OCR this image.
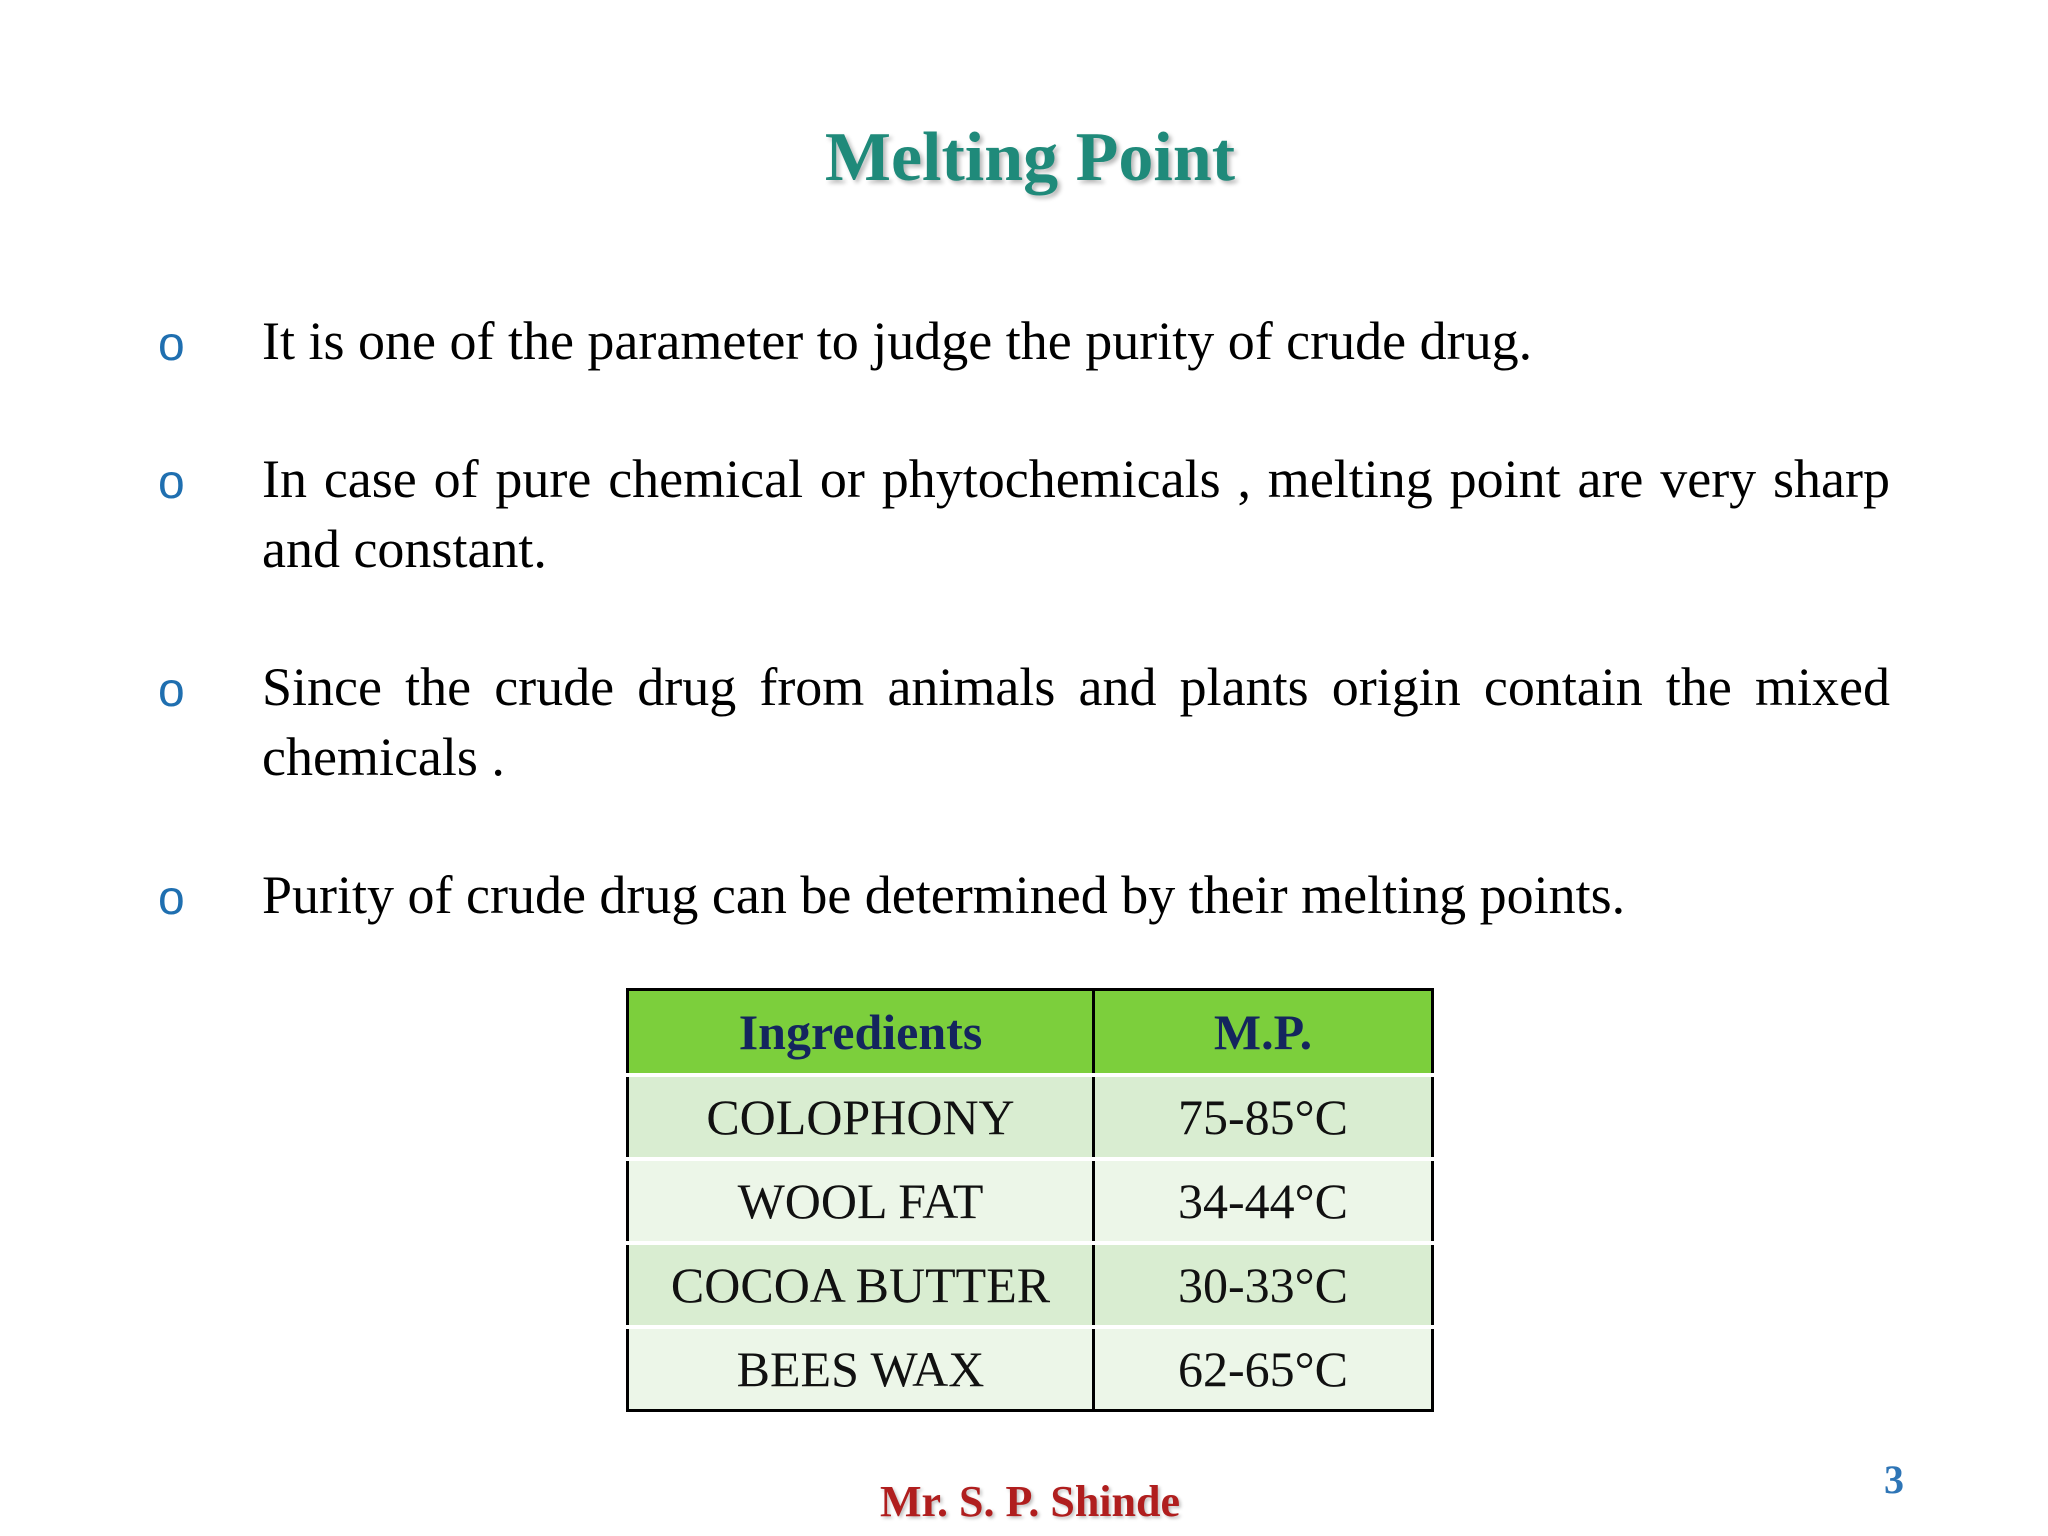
Melting Point
o It is one of the parameter to judge the purity of crude drug.
o In case of pure chemical or phytochemicals , melting point are very sharp and constant.
o Since the crude drug from animals and plants origin contain the mixed chemicals .
o Purity of crude drug can be determined by their melting points.
Ingredients	M.P.
COLOPHONY	75-85°C
WOOL FAT	34-44°C
COCOA BUTTER	30-33°C
BEES WAX	62-65°C
Mr. S. P. Shinde	3
